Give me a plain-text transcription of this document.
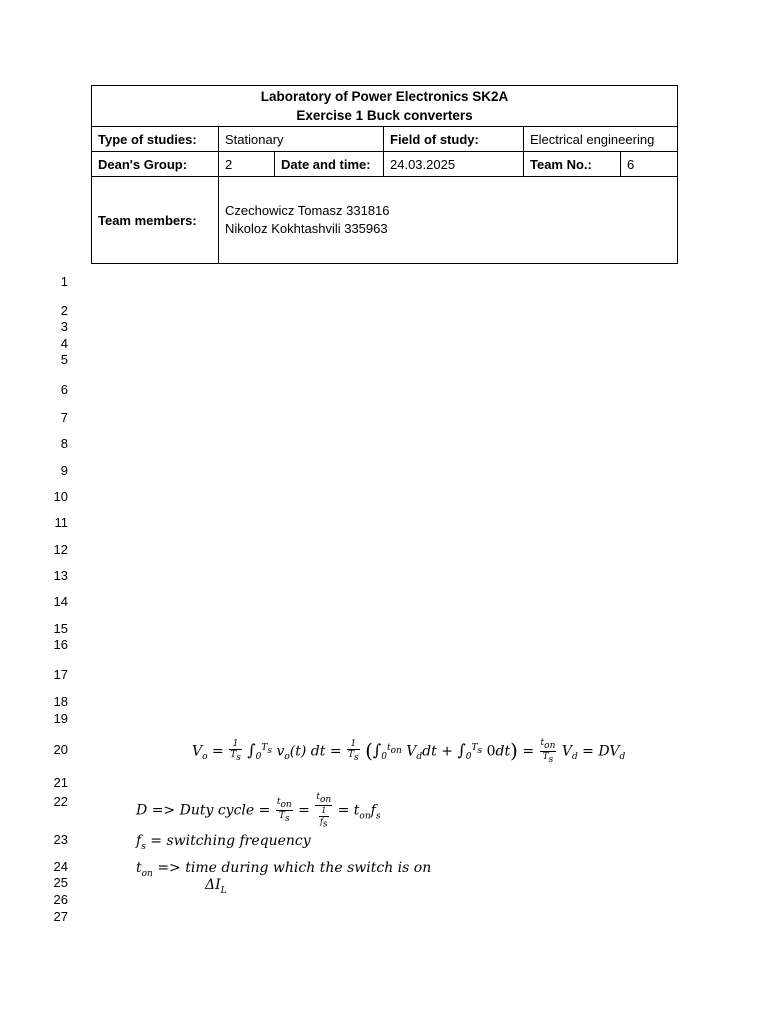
Laboratory of Power Electronics SK2A
Exercise 1 Buck converters					

Type of studies:	Stationary		Field of study:	Electrical engineering	
Dean's Group:	2	Date and time:	24.03.2025	Team No.:	6
Team members:	Czechowicz Tomasz 331816
Nikoloz Kokhtashvili 335963				
1
2
3
4
5
6
7
8
9
10
11
12
13
14
15
16
17
18
19
20
21
22
23
24
25
26
27
$V_o = \frac{1}{T_s} \int_0^{T_s}$ $v_o(t)$ dt = $\frac{1}{T_s} (\int_0^{t_{on}}$ $V_ddt + \int_0^{T_s}$ $0dt) = \frac{t_{on}}{T_s} V_d = DV_d$
D => Duty cycle = $\frac{t_{on}}{T_s} = \frac{t_{on}}{\frac{1}{f_s}} = t_{on}f_s$
$f_s$ = switching frequency
$t_{on}$ => time during which the switch is on
$\Delta I_L$
